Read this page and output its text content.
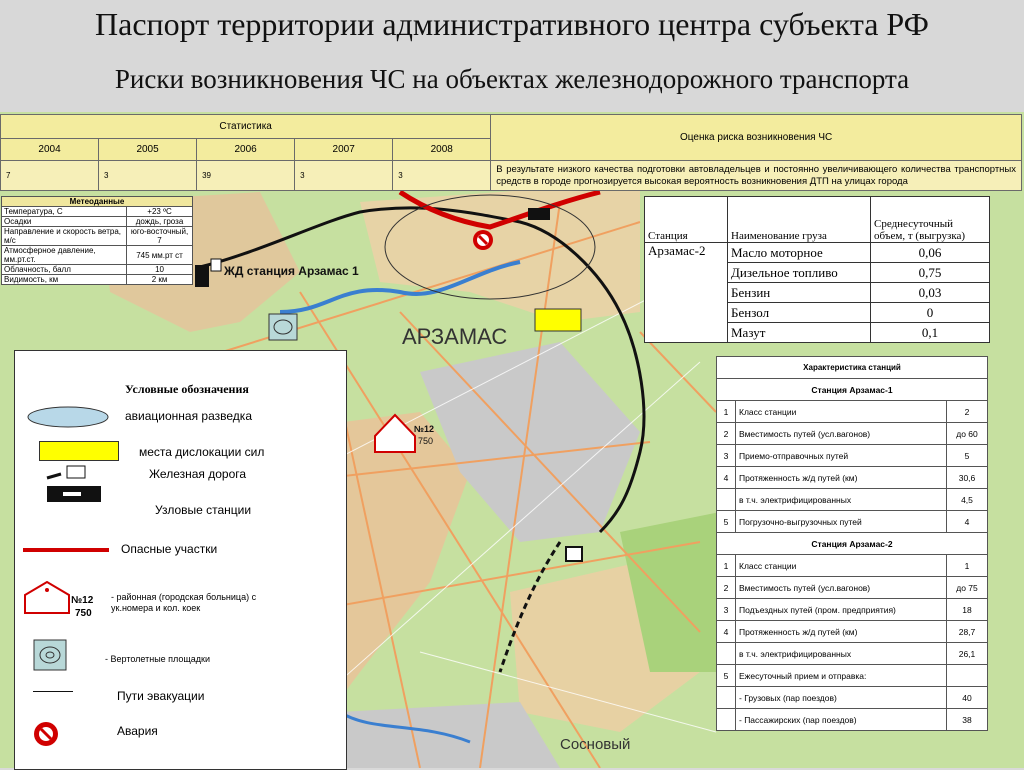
Паспорт территории административного центра субъекта РФ
Риски возникновения ЧС на объектах железнодорожного транспорта
ЖД станция Арзамас 1
АРЗАМАС
Сосновый
№12
750
Статистика					Оценка риска возникновения ЧС
2004	2005	2006	2007	2008	
7	3	39	3	3	В результате низкого качества подготовки автовладельцев и постоянно увеличивающего количества транспортных средств в городе прогнозируется высокая вероятность возникновения ДТП на улицах города
Метеоданные	
Температура, С	+23 ºС
Осадки	дождь, гроза
Направление и скорость ветра, м/с	юго-восточный, 7
Атмосферное давление, мм.рт.ст.	745 мм.рт ст
Облачность, балл	10
Видимость, км	2 км
Станция	Наименование груза	Среднесуточный объем, т (выгрузка)
Арзамас-2	Масло моторное	0,06
	Дизельное топливо	0,75
	Бензин	0,03
	Бензол	0
	Мазут	0,1
Характеристика станций		
Станция Арзамас-1		
1	Класс станции	2
2	Вместимость путей (усл.вагонов)	до 60
3	Приемо-отправочных путей	5
4	Протяженность ж/д путей (км)	30,6
	в т.ч. электрифицированных	4,5
5	Погрузочно-выгрузочных путей	4
Станция Арзамас-2		
1	Класс станции	1
2	Вместимость путей (усл.вагонов)	до 75
3	Подъездных путей (пром. предприятия)	18
4	Протяженность ж/д путей (км)	28,7
	в т.ч. электрифицированных	26,1
5	Ежесуточный прием и отправка:	
	- Грузовых (пар поездов)	40
	- Пассажирских (пар поездов)	38
Условные обозначения
авиационная разведка
места дислокации сил
Железная дорога
Узловые станции
Опасные участки
№12
750
- районная (городская больница) с ук.номера и кол. коек
- Вертолетные площадки
Пути эвакуации
Авария
